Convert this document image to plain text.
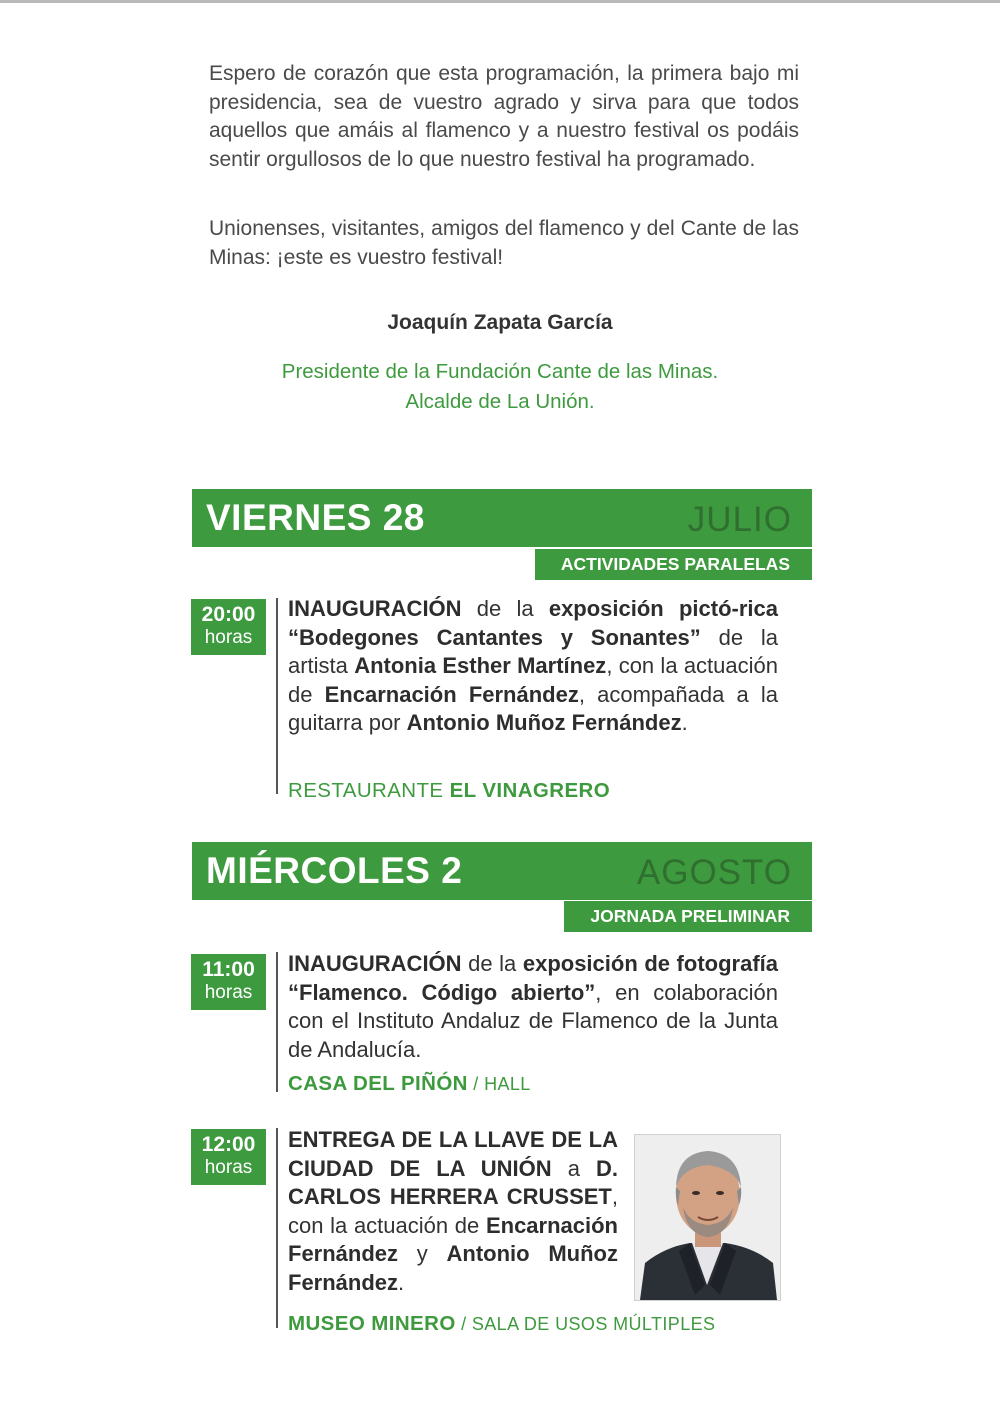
Espero de corazón que esta programación, la primera bajo mi presidencia, sea de vuestro agrado y sirva para que todos aquellos que amáis al flamenco y a nuestro festival os podáis sentir orgullosos de lo que nuestro festival ha programado.

Unionenses, visitantes, amigos del flamenco y del Cante de las Minas: ¡este es vuestro festival!

Joaquín Zapata García
Presidente de la Fundación Cante de las Minas.
Alcalde de La Unión.
VIERNES 28	JULIO
ACTIVIDADES PARALELAS
20:00
horas

INAUGURACIÓN de la exposición pictó-rica “Bodegones Cantantes y Sonantes” de la artista Antonia Esther Martínez, con la actuación de Encarnación Fernández, acompañada a la guitarra por Antonio Muñoz Fernández.

RESTAURANTE EL VINAGRERO
MIÉRCOLES 2	AGOSTO
JORNADA PRELIMINAR
11:00
horas

INAUGURACIÓN de la exposición de fotografía “Flamenco. Código abierto”, en colaboración con el Instituto Andaluz de Flamenco de la Junta de Andalucía.

CASA DEL PIÑÓN / HALL
12:00
horas

ENTREGA DE LA LLAVE DE LA CIUDAD DE LA UNIÓN a D. CARLOS HERRERA CRUSSET, con la actuación de Encarnación Fernández y Antonio Muñoz Fernández.

MUSEO MINERO / SALA DE USOS MÚLTIPLES
